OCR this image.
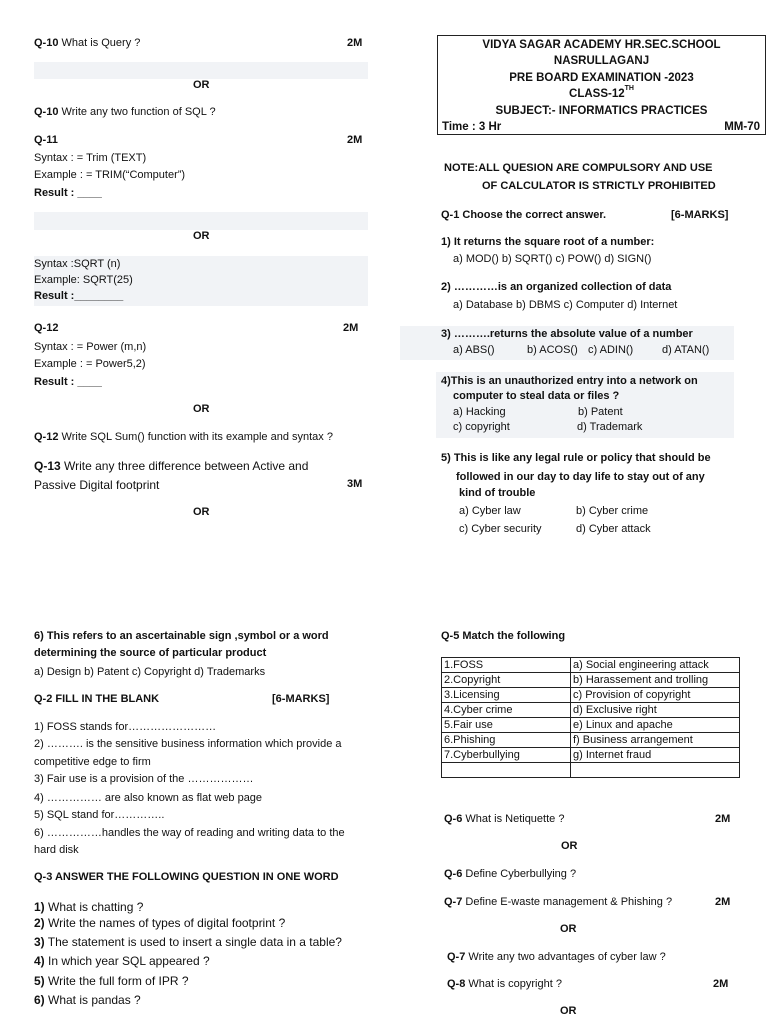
Q-10 What is Query ?	2M
OR
Q-10 Write any two function of SQL ?
Q-11	2M
Syntax : = Trim (TEXT)
Example : = TRIM(“Computer”)
Result : ____
OR
Syntax :SQRT (n)
Example: SQRT(25)
Result :________
Q-12	2M
Syntax : = Power (m,n)
Example : = Power5,2)
Result : ____
OR
Q-12 Write SQL Sum() function with its example and syntax ?
Q-13 Write any three difference between Active and
Passive Digital footprint	3M
OR
6) This refers to an ascertainable sign ,symbol or a word
determining the source of particular product
a) Design b) Patent c) Copyright d) Trademarks
Q-2 FILL IN THE BLANK	[6-MARKS]
1) FOSS stands for……………………
2) ………. is the sensitive business information which provide a
competitive edge to firm
3) Fair use is a provision of the ………………
4) …………… are also known as flat web page
5) SQL stand for…………..
6) ……………handles the way of reading and writing data to the
hard disk
Q-3 ANSWER THE FOLLOWING QUESTION IN ONE WORD
1) What is chatting ?
2) Write the names of types of digital footprint ?
3) The statement is used to insert a single data in a table?
4) In which year SQL appeared ?
5) Write the full form of IPR ?
6) What is pandas ?
VIDYA SAGAR ACADEMY HR.SEC.SCHOOL
NASRULLAGANJ
PRE BOARD EXAMINATION -2023
CLASS-12TH
SUBJECT:- INFORMATICS PRACTICES
Time : 3 Hr	MM-70
NOTE:ALL QUESION ARE COMPULSORY AND USE
OF CALCULATOR IS STRICTLY PROHIBITED
Q-1 Choose the correct answer.	[6-MARKS]
1) It returns the square root of a number:
a) MOD() b) SQRT() c) POW() d) SIGN()
2) …………is an organized collection of data
a) Database b) DBMS c) Computer d) Internet
3) ……….returns the absolute value of a number
a) ABS()	b) ACOS() c) ADIN()	d) ATAN()
4)This is an unauthorized entry into a network on
computer to steal data or files ?
a) Hacking	b) Patent
c) copyright	d) Trademark
5) This is like any legal rule or policy that should be
followed in our day to day life to stay out of any
kind of trouble
a) Cyber law	b) Cyber crime
c) Cyber security	d) Cyber attack
Q-5 Match the following
1.FOSS	a) Social engineering attack
2.Copyright	b) Harassement and trolling
3.Licensing	c) Provision of copyright
4.Cyber crime	d) Exclusive right
5.Fair use	e) Linux and apache
6.Phishing	f) Business arrangement
7.Cyberbullying	g) Internet fraud

Q-6 What is Netiquette ?	2M
OR
Q-6 Define Cyberbullying ?
Q-7 Define E-waste management & Phishing ?	2M
OR
Q-7 Write any two advantages of cyber law ?
Q-8 What is copyright ?	2M
OR
